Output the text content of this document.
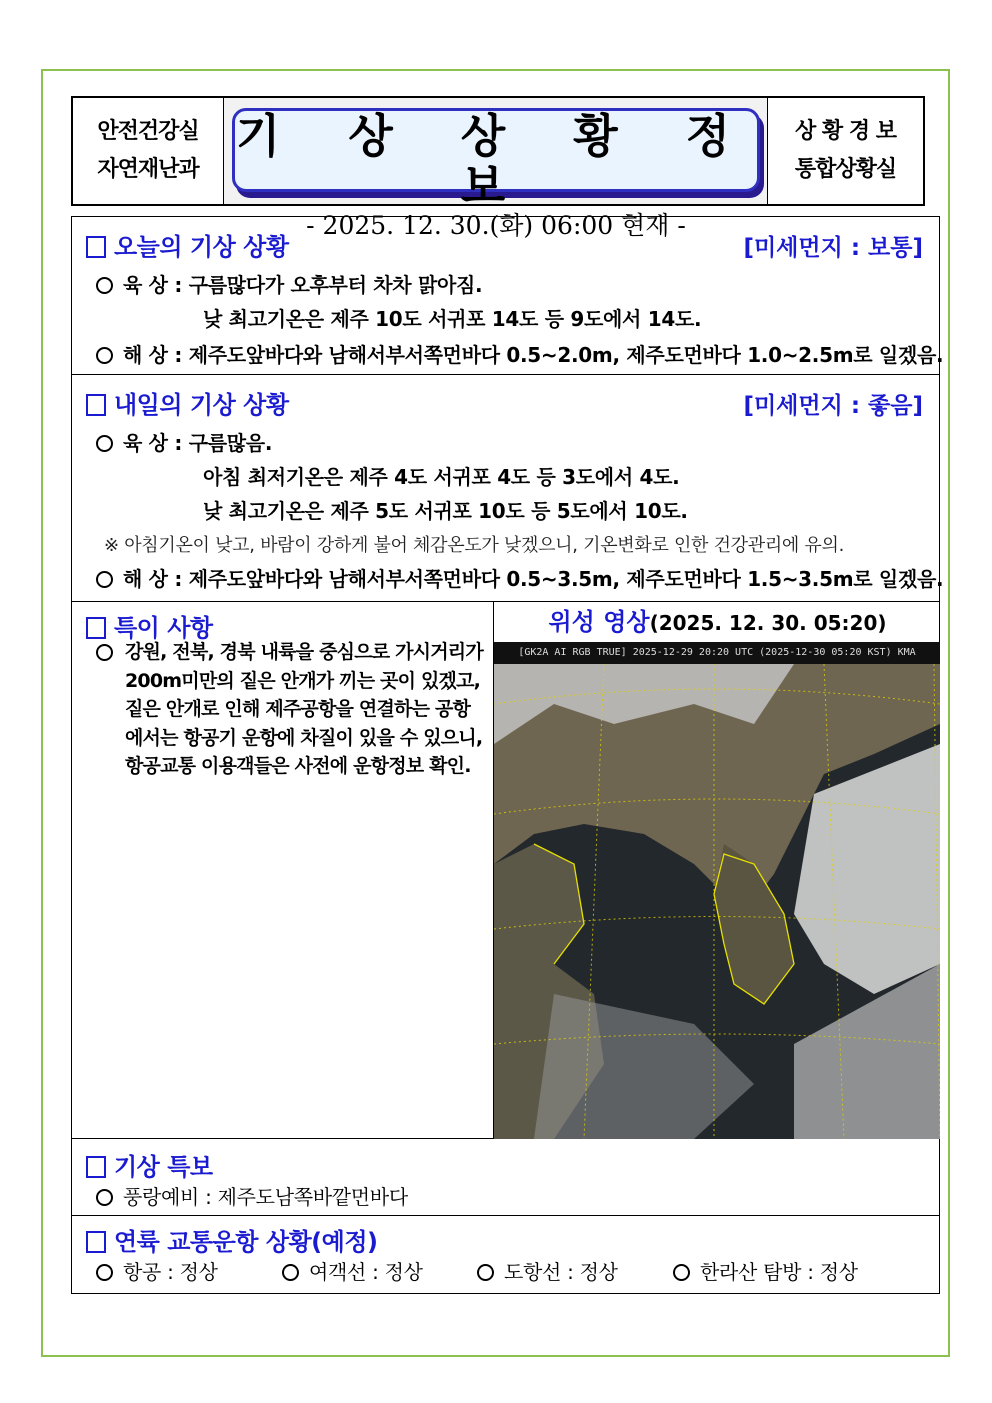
안전건강실
자연재난과
기 상 상 황 정 보
- 2025. 12. 30.(화) 06:00 현재 -
상 황 경 보
통합상황실
오늘의 기상 상황	[미세먼지 : 보통]
육 상 : 구름많다가 오후부터 차차 맑아짐.
낮 최고기온은 제주 10도 서귀포 14도 등 9도에서 14도.
해 상 : 제주도앞바다와 남해서부서쪽먼바다 0.5~2.0m, 제주도먼바다 1.0~2.5m로 일겠음.
내일의 기상 상황	[미세먼지 : 좋음]
육 상 : 구름많음.
아침 최저기온은 제주 4도 서귀포 4도 등 3도에서 4도.
낮 최고기온은 제주 5도 서귀포 10도 등 5도에서 10도.
※ 아침기온이 낮고, 바람이 강하게 불어 체감온도가 낮겠으니, 기온변화로 인한 건강관리에 유의.
해 상 : 제주도앞바다와 남해서부서쪽먼바다 0.5~3.5m, 제주도먼바다 1.5~3.5m로 일겠음.
특이 사항
강원, 전북, 경북 내륙을 중심으로 가시거리가
200m미만의 짙은 안개가 끼는 곳이 있겠고,
짙은 안개로 인해 제주공항을 연결하는 공항
에서는 항공기 운항에 차질이 있을 수 있으니,
항공교통 이용객들은 사전에 운항정보 확인.
위성 영상(2025. 12. 30. 05:20)
[GK2A AI RGB TRUE] 2025-12-29 20:20 UTC (2025-12-30 05:20 KST) KMA
기상 특보
풍랑예비 : 제주도남쪽바깥먼바다
연륙 교통운항 상황(예정)
항공 : 정상	여객선 : 정상	도항선 : 정상	한라산 탐방 : 정상
